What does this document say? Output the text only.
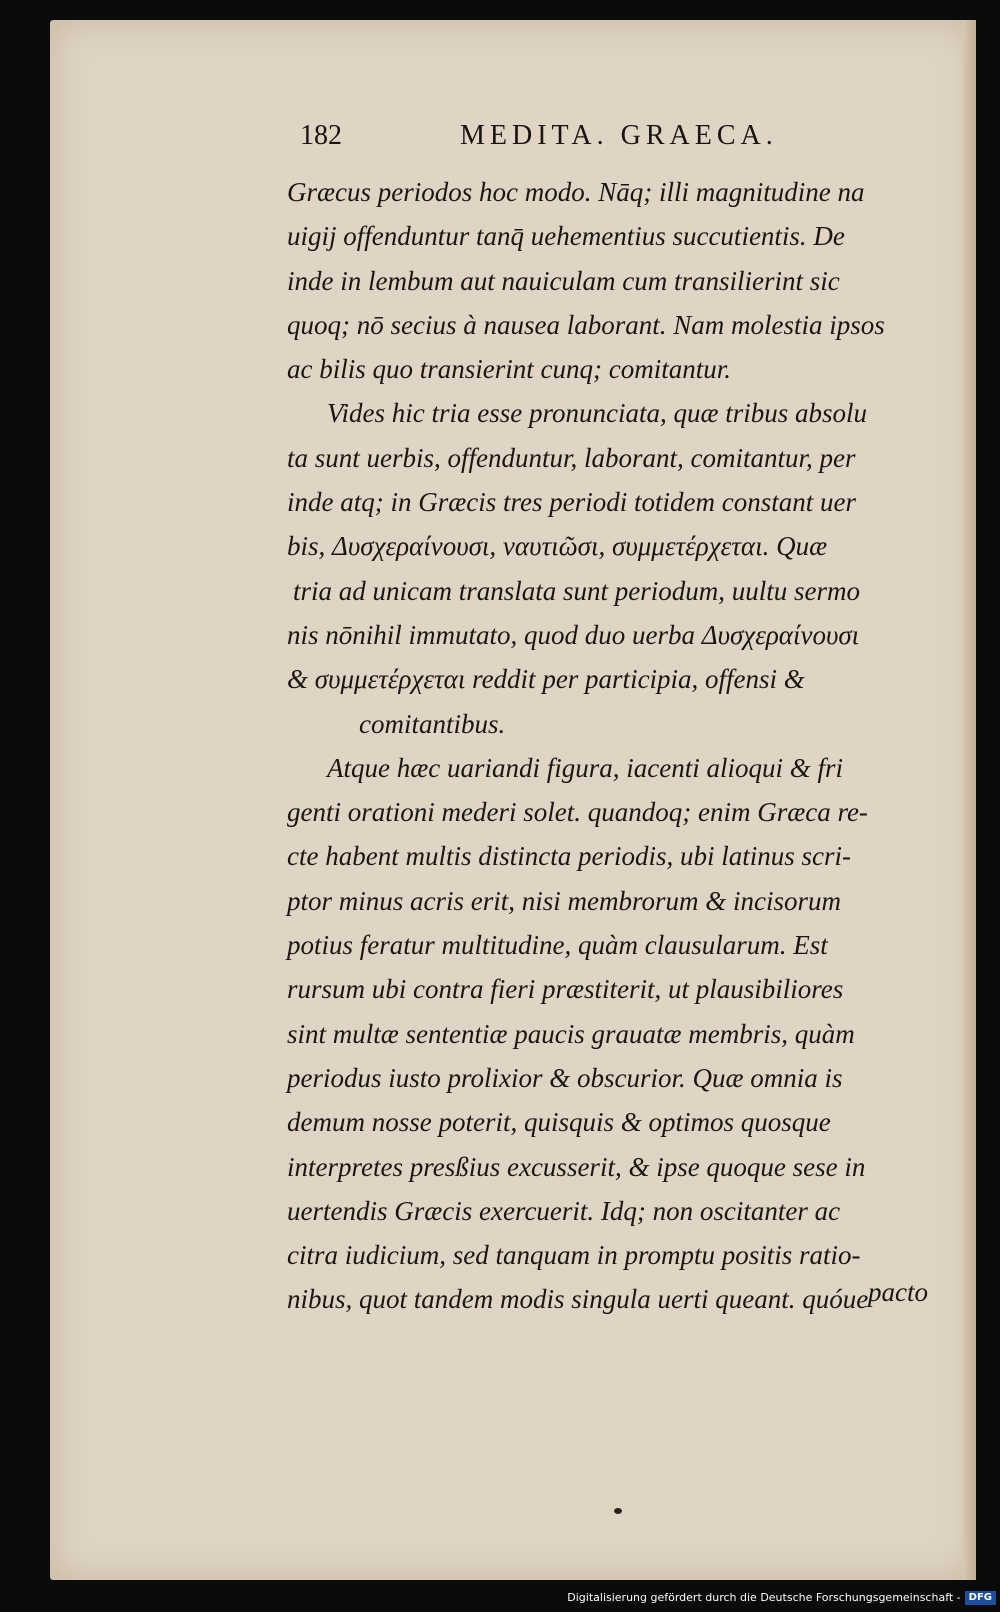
182	MEDITA. GRAECA.
Græcus periodos hoc modo. Nāq; illi magnitudine na
uigij offenduntur tanq̄ uehementius succutientis. De
inde in lembum aut nauiculam cum transilierint sic
quoq; nō secius à nausea laborant. Nam molestia ipsos
ac bilis quo transierint cunq; comitantur.
Vides hic tria esse pronunciata, quæ tribus absolu
ta sunt uerbis, offenduntur, laborant, comitantur, per
inde atq; in Græcis tres periodi totidem constant uer
bis, Δυσχεραίνουσι, ναυτιῶσι, συμμετέρχεται. Quæ
tria ad unicam translata sunt periodum, uultu sermo
nis nōnihil immutato, quod duo uerba Δυσχεραίνουσι
& συμμετέρχεται reddit per participia, offensi &
comitantibus.
Atque hæc uariandi figura, iacenti alioqui & fri
genti orationi mederi solet. quandoq; enim Græca re-
cte habent multis distincta periodis, ubi latinus scri-
ptor minus acris erit, nisi membrorum & incisorum
potius feratur multitudine, quàm clausularum. Est
rursum ubi contra fieri præstiterit, ut plausibiliores
sint multæ sententiæ paucis grauatæ membris, quàm
periodus iusto prolixior & obscurior. Quæ omnia is
demum nosse poterit, quisquis & optimos quosque
interpretes presßius excusserit, & ipse quoque sese in
uertendis Græcis exercuerit. Idq; non oscitanter ac
citra iudicium, sed tanquam in promptu positis ratio-
nibus, quot tandem modis singula uerti queant. quóue pacto
Digitalisierung gefördert durch die Deutsche Forschungsgemeinschaft - DFG
